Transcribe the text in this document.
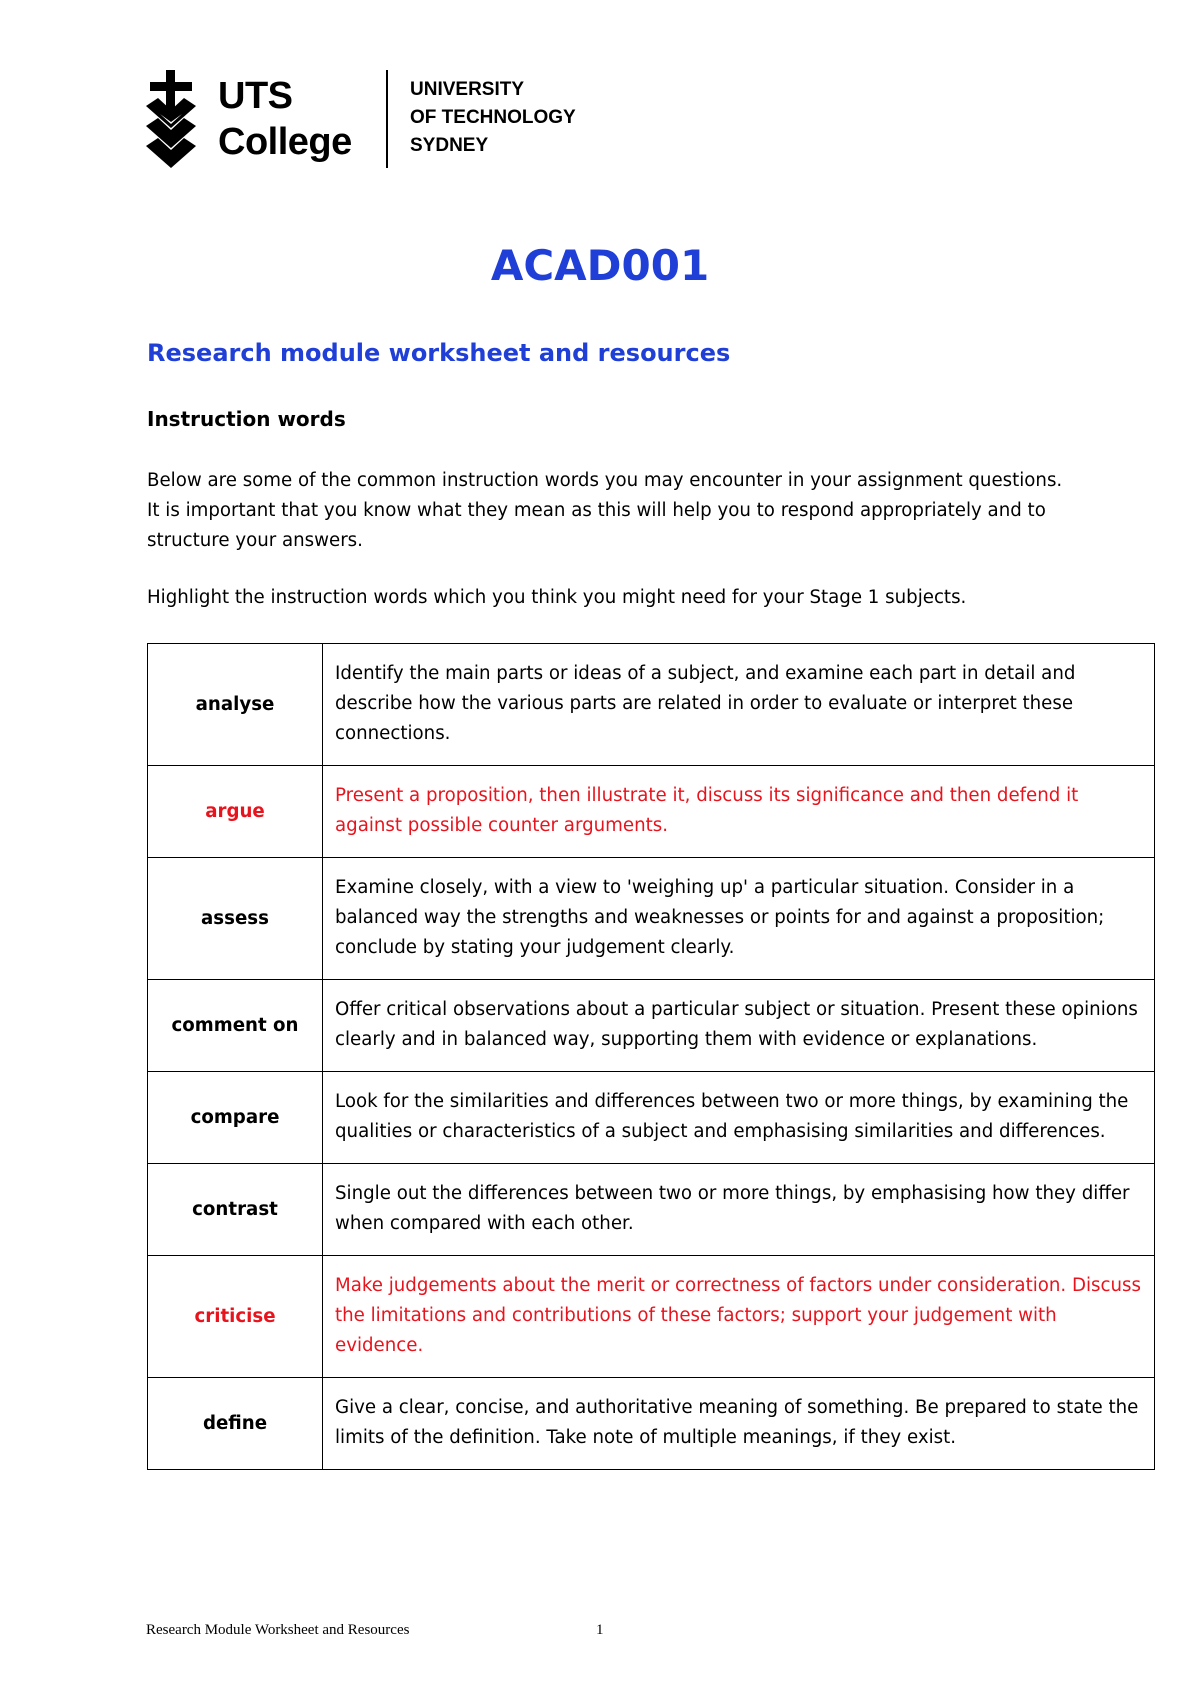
UTS
College
UNIVERSITY
OF TECHNOLOGY
SYDNEY
ACAD001
Research module worksheet and resources
Instruction words
Below are some of the common instruction words you may encounter in your assignment questions. It is important that you know what they mean as this will help you to respond appropriately and to structure your answers.
Highlight the instruction words which you think you might need for your Stage 1 subjects.
analyse	Identify the main parts or ideas of a subject, and examine each part in detail and describe how the various parts are related in order to evaluate or interpret these connections.
argue	Present a proposition, then illustrate it, discuss its significance and then defend it against possible counter arguments.
assess	Examine closely, with a view to 'weighing up' a particular situation. Consider in a balanced way the strengths and weaknesses or points for and against a proposition; conclude by stating your judgement clearly.
comment on	Offer critical observations about a particular subject or situation. Present these opinions clearly and in balanced way, supporting them with evidence or explanations.
compare	Look for the similarities and differences between two or more things, by examining the qualities or characteristics of a subject and emphasising similarities and differences.
contrast	Single out the differences between two or more things, by emphasising how they differ when compared with each other.
criticise	Make judgements about the merit or correctness of factors under consideration. Discuss the limitations and contributions of these factors; support your judgement with evidence.
define	Give a clear, concise, and authoritative meaning of something. Be prepared to state the limits of the definition. Take note of multiple meanings, if they exist.
Research Module Worksheet and Resources	1
